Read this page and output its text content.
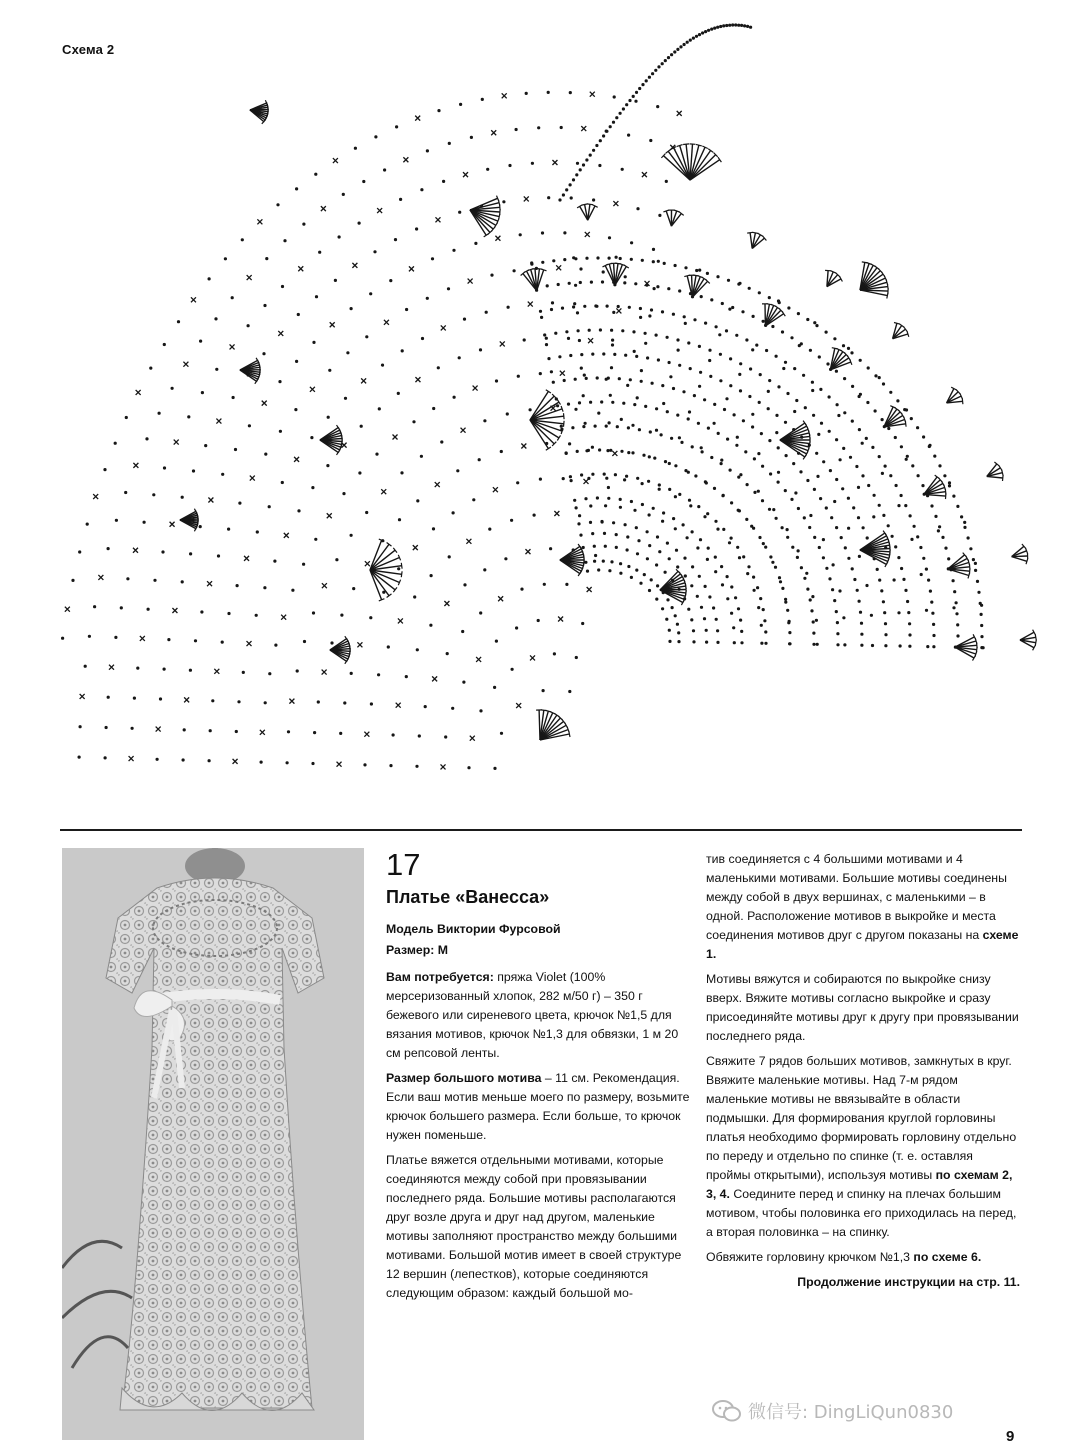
Схема 2
17
Платье «Ванесса»
Модель Виктории Фурсовой
Размер: М

Вам потребуется: пряжа Violet (100% мерсеризованный хлопок, 282 м/50 г) – 350 г бежевого или сиреневого цвета, крючок №1,5 для вязания мотивов, крючок №1,3 для обвязки, 1 м 20 см репсовой ленты.

Размер большого мотива – 11 см. Рекомендация. Если ваш мотив меньше моего по размеру, возьмите крючок большего размера. Если больше, то крючок нужен поменьше.

Платье вяжется отдельными мотивами, которые соединяются между собой при провязывании последнего ряда. Большие мотивы располагаются друг возле друга и друг над другом, маленькие мотивы заполняют пространство между большими мотивами. Большой мотив имеет в своей структуре 12 вершин (лепестков), которые соединяются следующим образом: каждый большой мо-

тив соединяется с 4 большими мотивами и 4 маленькими мотивами. Большие мотивы соединены между собой в двух вершинах, с маленькими – в одной. Расположение мотивов в выкройке и места соединения мотивов друг с другом показаны на схеме 1.

Мотивы вяжутся и собираются по выкройке снизу вверх. Вяжите мотивы согласно выкройке и сразу присоединяйте мотивы друг к другу при провязывании последнего ряда.

Свяжите 7 рядов больших мотивов, замкнутых в круг. Ввяжите маленькие мотивы. Над 7-м рядом маленькие мотивы не ввязывайте в области подмышки. Для формирования круглой горловины платья необходимо формировать горловину отдельно по переду и отдельно по спинке (т. е. оставляя проймы открытыми), используя мотивы по схемам 2, 3, 4. Соедините перед и спинку на плечах большим мотивом, чтобы половинка его приходилась на перед, а вторая половинка – на спинку.

Обвяжите горловину крючком №1,3 по схеме 6.

Продолжение инструкции на стр. 11.
微信号: DingLiQun0830
9
